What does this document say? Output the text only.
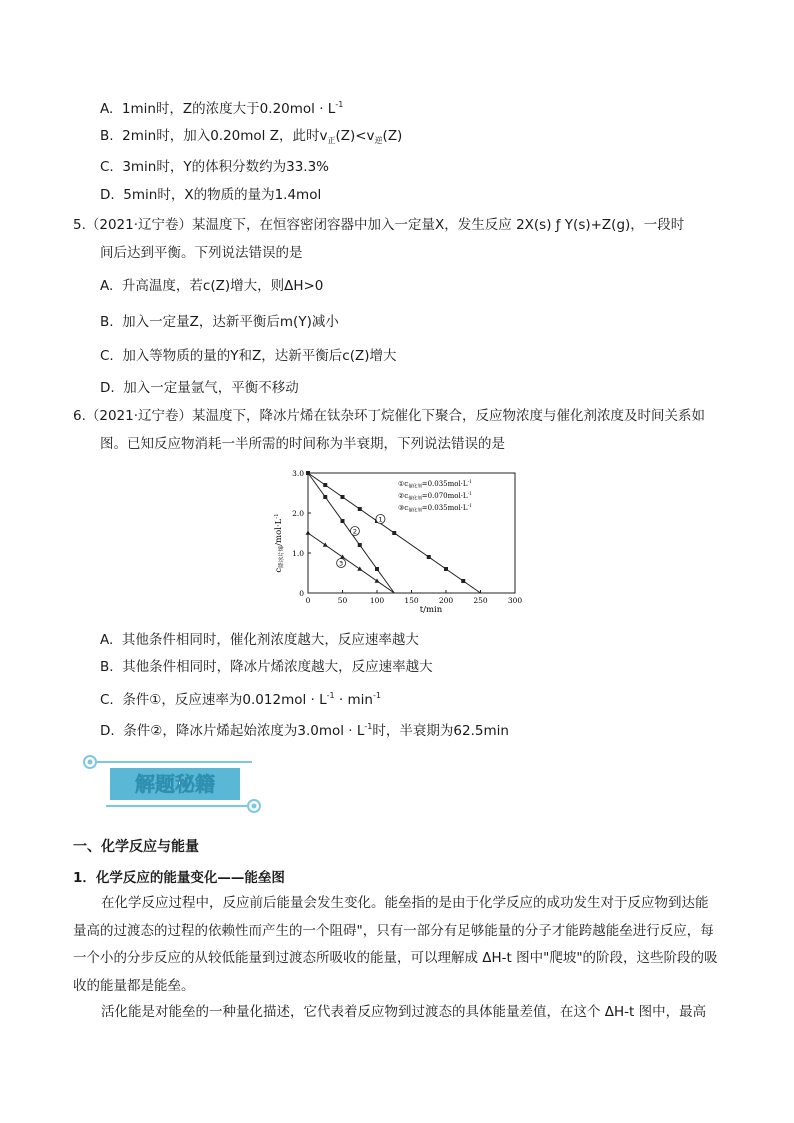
A. 1min时，Z的浓度大于$0.20mol \cdot L^{-1}$
B. 2min时，加入0.20mol Z，此时$v_正(Z)<v_逆(Z)$
C. 3min时，Y的体积分数约为33.3%
D. 5min时，X的物质的量为1.4mol
5.（2021·辽宁卷）某温度下，在恒容密闭容器中加入一定量X，发生反应 2X(s) ƒ Y(s)+Z(g)，一段时
间后达到平衡。下列说法错误的是
A. 升高温度，若c(Z)增大，则ΔH>0
B. 加入一定量Z，达新平衡后m(Y)减小
C. 加入等物质的量的Y和Z，达新平衡后c(Z)增大
D. 加入一定量氩气，平衡不移动
6.（2021·辽宁卷）某温度下，降冰片烯在钛杂环丁烷催化下聚合，反应物浓度与催化剂浓度及时间关系如
图。已知反应物消耗一半所需的时间称为半衰期，下列说法错误的是
0	50	100	150	200	250	300
0
1.0
2.0
3.0
1
2
3
$①c_{催化剂}=0.035mol\cdot L^{-1}$
$②c_{催化剂}=0.070mol\cdot L^{-1}$
$③c_{催化剂}=0.035mol\cdot L^{-1}$
t/min
$c_{降冰片烯}/mol\cdot L^{-1}$
A. 其他条件相同时，催化剂浓度越大，反应速率越大
B. 其他条件相同时，降冰片烯浓度越大，反应速率越大
C. 条件①，反应速率为$0.012mol \cdot L^{-1} \cdot \min^{-1}$
D. 条件②，降冰片烯起始浓度为$3.0mol \cdot L^{-1}$时，半衰期为62.5min
解题秘籍
一、化学反应与能量
1．化学反应的能量变化——能垒图
在化学反应过程中，反应前后能量会发生变化。能垒指的是由于化学反应的成功发生对于反应物到达能量高的过渡态的过程的依赖性而产生的一个阻碍"，只有一部分有足够能量的分子才能跨越能垒进行反应，每一个小的分步反应的从较低能量到过渡态所吸收的能量，可以理解成 ΔH-t 图中"爬坡"的阶段，这些阶段的吸收的能量都是能垒。
活化能是对能垒的一种量化描述，它代表着反应物到过渡态的具体能量差值，在这个 ΔH-t 图中，最高
